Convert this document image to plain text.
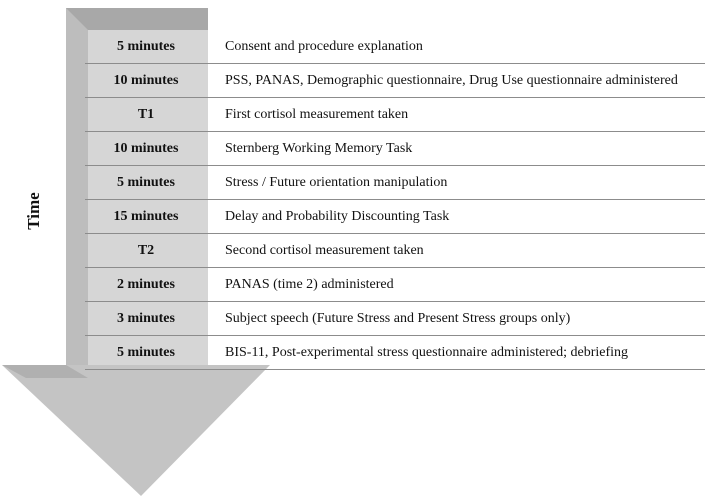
Time
5 minutes	Consent and procedure explanation
10 minutes	PSS, PANAS, Demographic questionnaire, Drug Use questionnaire administered
T1	First cortisol measurement taken
10 minutes	Sternberg Working Memory Task
5 minutes	Stress / Future orientation manipulation
15 minutes	Delay and Probability Discounting Task
T2	Second cortisol measurement taken
2 minutes	PANAS (time 2) administered
3 minutes	Subject speech (Future Stress and Present Stress groups only)
5 minutes	BIS-11, Post-experimental stress questionnaire administered; debriefing
